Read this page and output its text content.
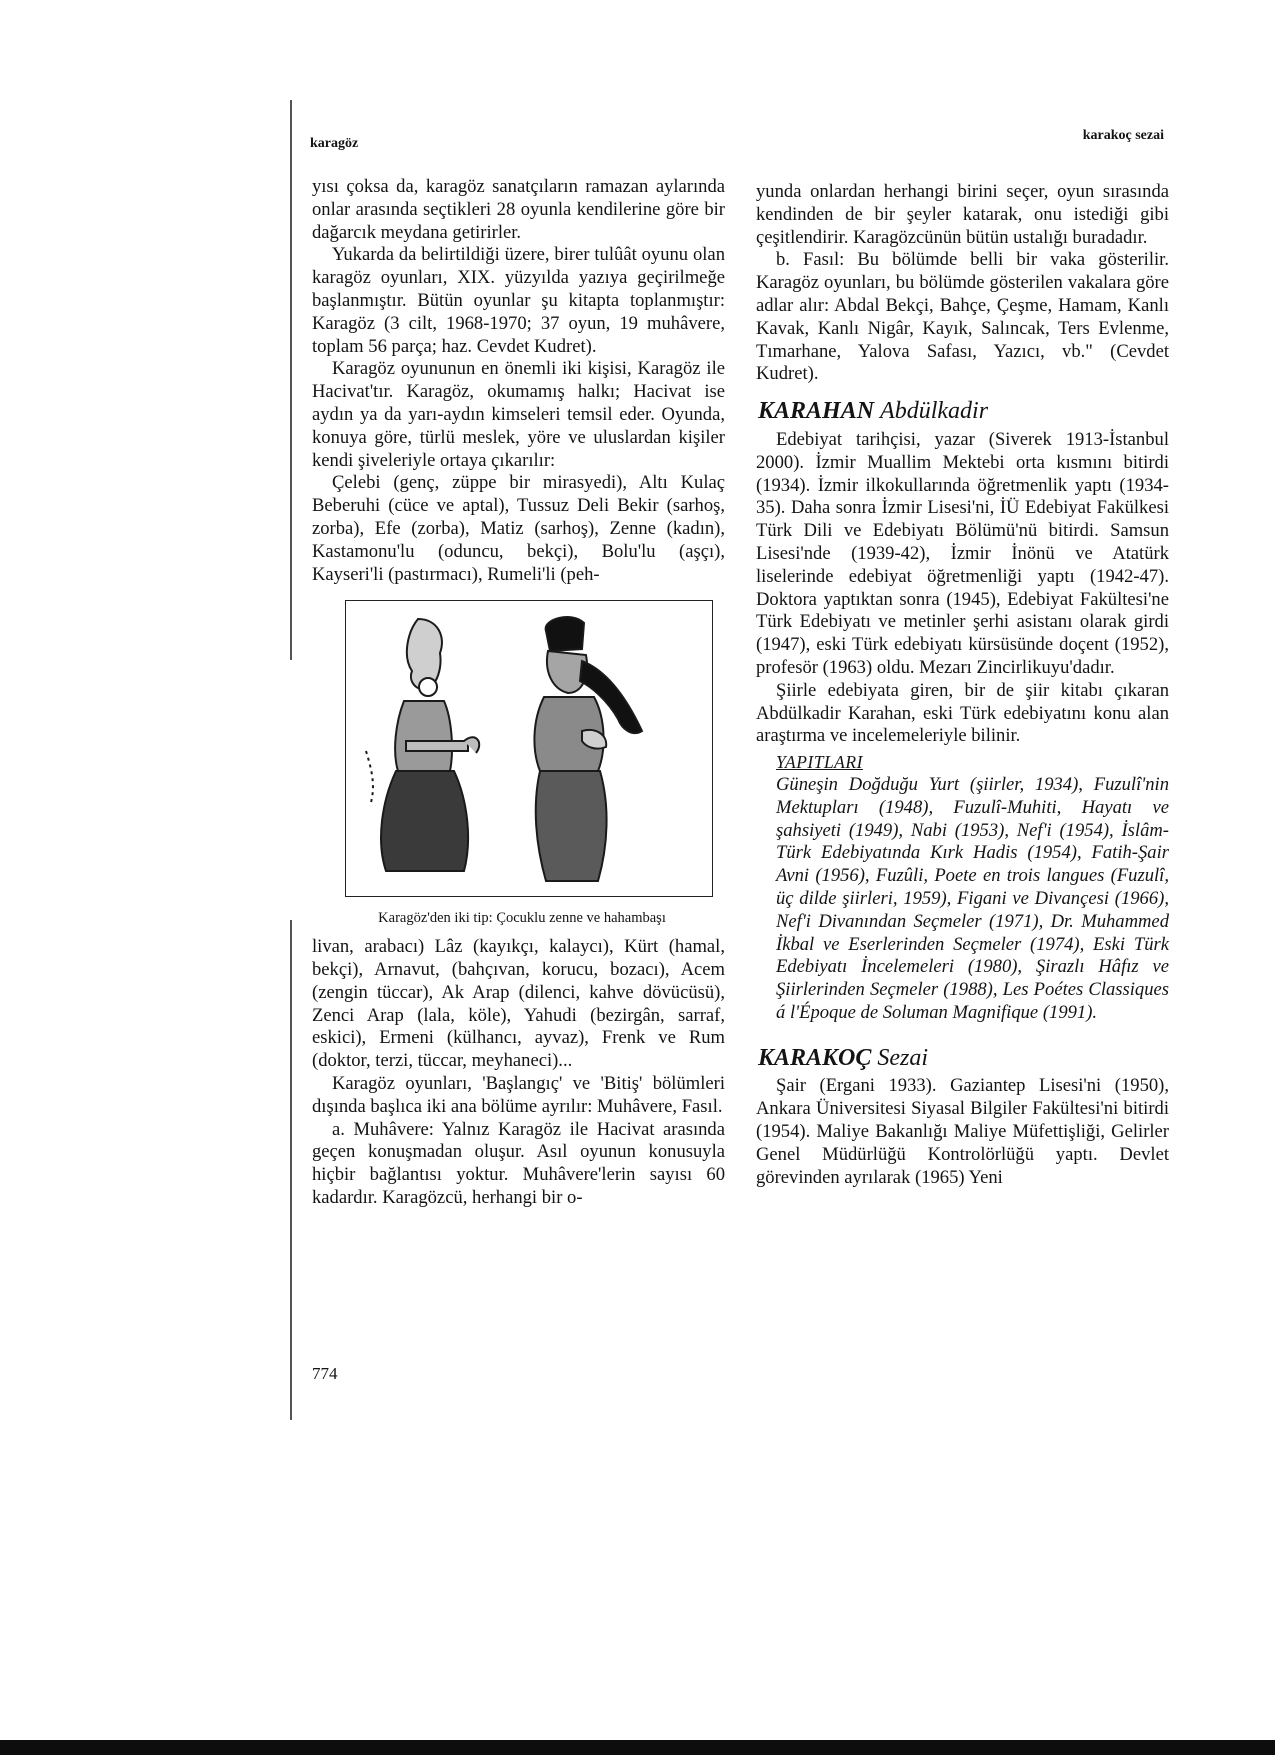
karagöz
karakoç sezai

yısı çoksa da, karagöz sanatçıların ramazan aylarında onlar arasında seçtikleri 28 oyunla kendilerine göre bir dağarcık meydana getirirler.

Yukarda da belirtildiği üzere, birer tulûât oyunu olan karagöz oyunları, XIX. yüzyılda yazıya geçirilmeğe başlanmıştır. Bütün oyunlar şu kitapta toplanmıştır: Karagöz (3 cilt, 1968-1970; 37 oyun, 19 muhâvere, toplam 56 parça; haz. Cevdet Kudret).

Karagöz oyununun en önemli iki kişisi, Karagöz ile Hacivat'tır. Karagöz, okumamış halkı; Hacivat ise aydın ya da yarı-aydın kimseleri temsil eder. Oyunda, konuya göre, türlü meslek, yöre ve uluslardan kişiler kendi şiveleriyle ortaya çıkarılır:

Çelebi (genç, züppe bir mirasyedi), Altı Kulaç Beberuhi (cüce ve aptal), Tussuz Deli Bekir (sarhoş, zorba), Efe (zorba), Matiz (sarhoş), Zenne (kadın), Kastamonu'lu (oduncu, bekçi), Bolu'lu (aşçı), Kayseri'li (pastırmacı), Rumeli'li (peh-

Karagöz'den iki tip: Çocuklu zenne ve hahambaşı

livan, arabacı) Lâz (kayıkçı, kalaycı), Kürt (hamal, bekçi), Arnavut, (bahçıvan, korucu, bozacı), Acem (zengin tüccar), Ak Arap (dilenci, kahve dövücüsü), Zenci Arap (lala, köle), Yahudi (bezirgân, sarraf, eskici), Ermeni (külhancı, ayvaz), Frenk ve Rum (doktor, terzi, tüccar, meyhaneci)...

Karagöz oyunları, 'Başlangıç' ve 'Bitiş' bölümleri dışında başlıca iki ana bölüme ayrılır: Muhâvere, Fasıl.

a. Muhâvere: Yalnız Karagöz ile Hacivat arasında geçen konuşmadan oluşur. Asıl oyunun konusuyla hiçbir bağlantısı yoktur. Muhâvere'lerin sayısı 60 kadardır. Karagözcü, herhangi bir o-

yunda onlardan herhangi birini seçer, oyun sırasında kendinden de bir şeyler katarak, onu istediği gibi çeşitlendirir. Karagözcünün bütün ustalığı buradadır.

b. Fasıl: Bu bölümde belli bir vaka gösterilir. Karagöz oyunları, bu bölümde gösterilen vakalara göre adlar alır: Abdal Bekçi, Bahçe, Çeşme, Hamam, Kanlı Kavak, Kanlı Nigâr, Kayık, Salıncak, Ters Evlenme, Tımarhane, Yalova Safası, Yazıcı, vb." (Cevdet Kudret).

KARAHAN Abdülkadir

Edebiyat tarihçisi, yazar (Siverek 1913-İstanbul 2000). İzmir Muallim Mektebi orta kısmını bitirdi (1934). İzmir ilkokullarında öğretmenlik yaptı (1934-35). Daha sonra İzmir Lisesi'ni, İÜ Edebiyat Fakülkesi Türk Dili ve Edebiyatı Bölümü'nü bitirdi. Samsun Lisesi'nde (1939-42), İzmir İnönü ve Atatürk liselerinde edebiyat öğretmenliği yaptı (1942-47). Doktora yaptıktan sonra (1945), Edebiyat Fakültesi'ne Türk Edebiyatı ve metinler şerhi asistanı olarak girdi (1947), eski Türk edebiyatı kürsüsünde doçent (1952), profesör (1963) oldu. Mezarı Zincirlikuyu'dadır.

Şiirle edebiyata giren, bir de şiir kitabı çıkaran Abdülkadir Karahan, eski Türk edebiyatını konu alan araştırma ve incelemeleriyle bilinir.

YAPITLARI
Güneşin Doğduğu Yurt (şiirler, 1934), Fuzulî'nin Mektupları (1948), Fuzulî-Muhiti, Hayatı ve şahsiyeti (1949), Nabi (1953), Nef'i (1954), İslâm-Türk Edebiyatında Kırk Hadis (1954), Fatih-Şair Avni (1956), Fuzûli, Poete en trois langues (Fuzulî, üç dilde şiirleri, 1959), Figani ve Divançesi (1966), Nef'i Divanından Seçmeler (1971), Dr. Muhammed İkbal ve Eserlerinden Seçmeler (1974), Eski Türk Edebiyatı İncelemeleri (1980), Şirazlı Hâfız ve Şiirlerinden Seçmeler (1988), Les Poétes Classiques á l'Époque de Soluman Magnifique (1991).
KARAKOÇ Sezai

Şair (Ergani 1933). Gaziantep Lisesi'ni (1950), Ankara Üniversitesi Siyasal Bilgiler Fakültesi'ni bitirdi (1954). Maliye Bakanlığı Maliye Müfettişliği, Gelirler Genel Müdürlüğü Kontrolörlüğü yaptı. Devlet görevinden ayrılarak (1965) Yeni

774
